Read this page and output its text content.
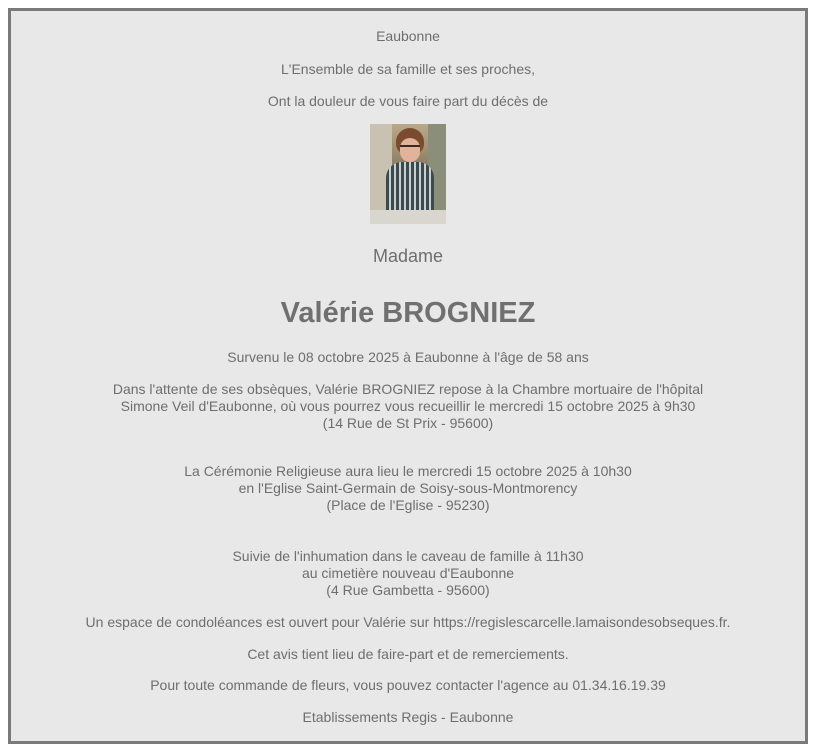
Eaubonne
L'Ensemble de sa famille et ses proches,
Ont la douleur de vous faire part du décès de
Madame
Valérie BROGNIEZ
Survenu le 08 octobre 2025 à Eaubonne à l'âge de 58 ans
Dans l'attente de ses obsèques, Valérie BROGNIEZ repose à la Chambre mortuaire de l'hôpital
Simone Veil d'Eaubonne, où vous pourrez vous recueillir le mercredi 15 octobre 2025 à 9h30
(14 Rue de St Prix - 95600)
La Cérémonie Religieuse aura lieu le mercredi 15 octobre 2025 à 10h30
en l'Eglise Saint-Germain de Soisy-sous-Montmorency
(Place de l'Eglise - 95230)
Suivie de l'inhumation dans le caveau de famille à 11h30
au cimetière nouveau d'Eaubonne
(4 Rue Gambetta - 95600)
Un espace de condoléances est ouvert pour Valérie sur https://regislescarcelle.lamaisondesobseques.fr.
Cet avis tient lieu de faire-part et de remerciements.
Pour toute commande de fleurs, vous pouvez contacter l'agence au 01.34.16.19.39
Etablissements Regis - Eaubonne
